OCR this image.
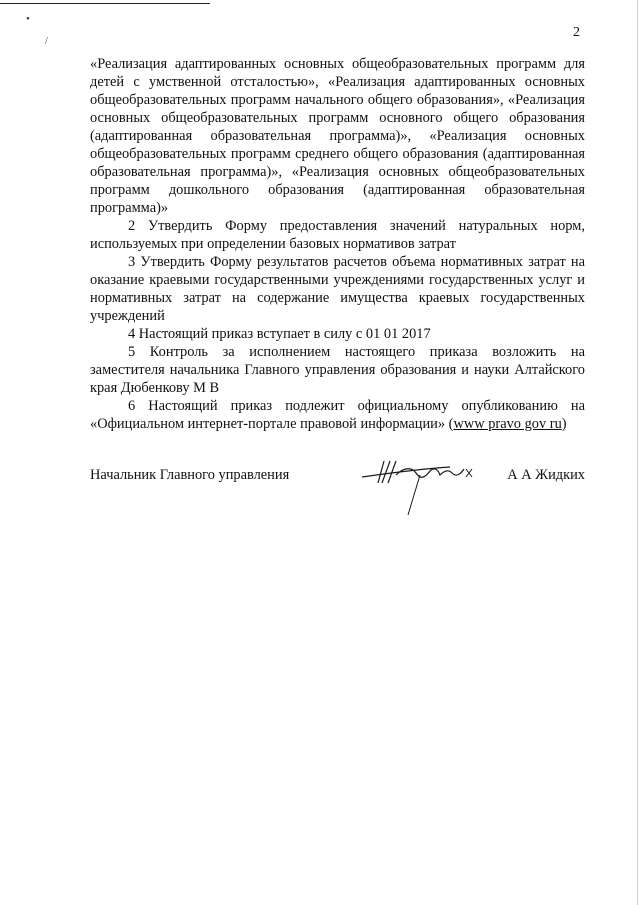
•
/
2

«Реализация адаптированных основных общеобразовательных программ для детей с умственной отсталостью», «Реализация адаптированных основных общеобразовательных программ начального общего образования», «Реализация основных общеобразовательных программ основного общего образования (адаптированная образовательная программа)», «Реализация основных общеобразовательных программ среднего общего образования (адаптированная образовательная программа)», «Реализация основных общеобразовательных программ дошкольного образования (адаптированная образовательная программа)»

2 Утвердить Форму предоставления значений натуральных норм, используемых при определении базовых нормативов затрат

3 Утвердить Форму результатов расчетов объема нормативных затрат на оказание краевыми государственными учреждениями государственных услуг и нормативных затрат на содержание имущества краевых государственных учреждений

4 Настоящий приказ вступает в силу с 01 01 2017

5 Контроль за исполнением настоящего приказа возложить на заместителя начальника Главного управления образования и науки Алтайского края Дюбенкову М В

6 Настоящий приказ подлежит официальному опубликованию на «Официальном интернет-портале правовой информации» (www pravo gov ru)

Начальник Главного управления	А А Жидких
